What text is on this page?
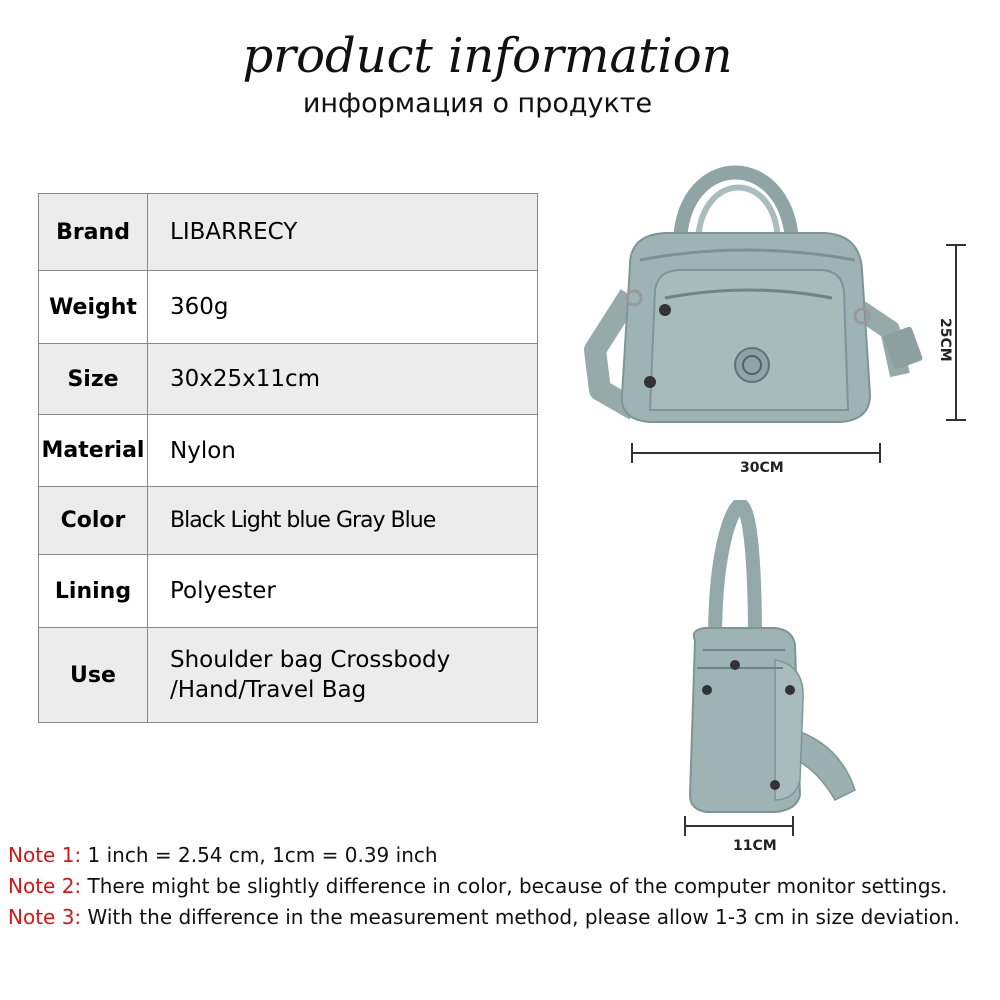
product information
информация о продукте
Brand	LIBARRECY
Weight	360g
Size	30x25x11cm
Material	Nylon
Color	Black Light blue Gray Blue
Lining	Polyester
Use	Shoulder bag Crossbody
/Hand/Travel Bag
30CM
25CM
11CM
Note 1: 1 inch = 2.54 cm, 1cm = 0.39 inch
Note 2: There might be slightly difference in color, because of the computer monitor settings.
Note 3: With the difference in the measurement method, please allow 1-3 cm in size deviation.
